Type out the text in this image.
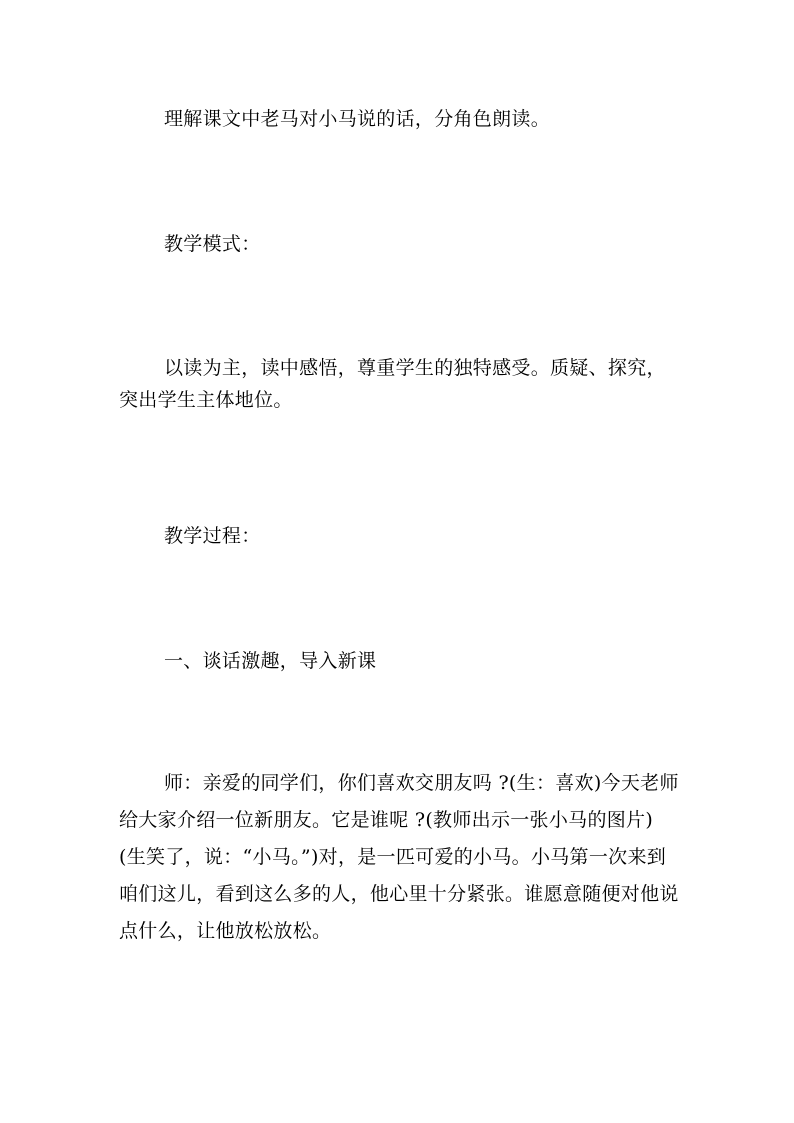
理解课文中老马对小马说的话，分角色朗读。

教学模式：

以读为主，读中感悟，尊重学生的独特感受。质疑、探究，突出学生主体地位。

教学过程：

一、谈话激趣，导入新课

师：亲爱的同学们，你们喜欢交朋友吗 ?(生：喜欢)今天老师给大家介绍一位新朋友。它是谁呢 ?(教师出示一张小马的图片)(生笑了，说：“小马。”)对，是一匹可爱的小马。小马第一次来到咱们这儿，看到这么多的人，他心里十分紧张。谁愿意随便对他说点什么，让他放松放松。
